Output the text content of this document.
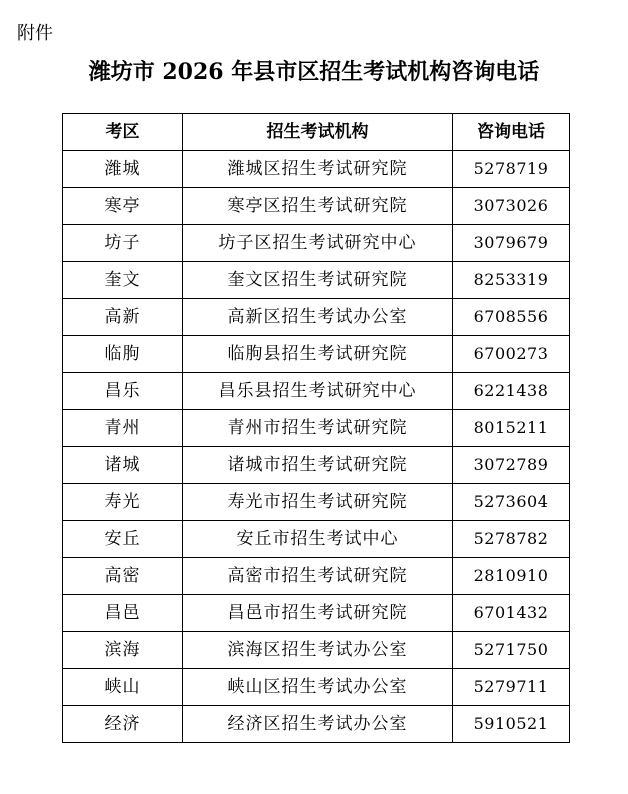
附件

潍坊市 2026 年县市区招生考试机构咨询电话
考区	招生考试机构	咨询电话
潍城	潍城区招生考试研究院	5278719
寒亭	寒亭区招生考试研究院	3073026
坊子	坊子区招生考试研究中心	3079679
奎文	奎文区招生考试研究院	8253319
高新	高新区招生考试办公室	6708556
临朐	临朐县招生考试研究院	6700273
昌乐	昌乐县招生考试研究中心	6221438
青州	青州市招生考试研究院	8015211
诸城	诸城市招生考试研究院	3072789
寿光	寿光市招生考试研究院	5273604
安丘	安丘市招生考试中心	5278782
高密	高密市招生考试研究院	2810910
昌邑	昌邑市招生考试研究院	6701432
滨海	滨海区招生考试办公室	5271750
峡山	峡山区招生考试办公室	5279711
经济	经济区招生考试办公室	5910521
